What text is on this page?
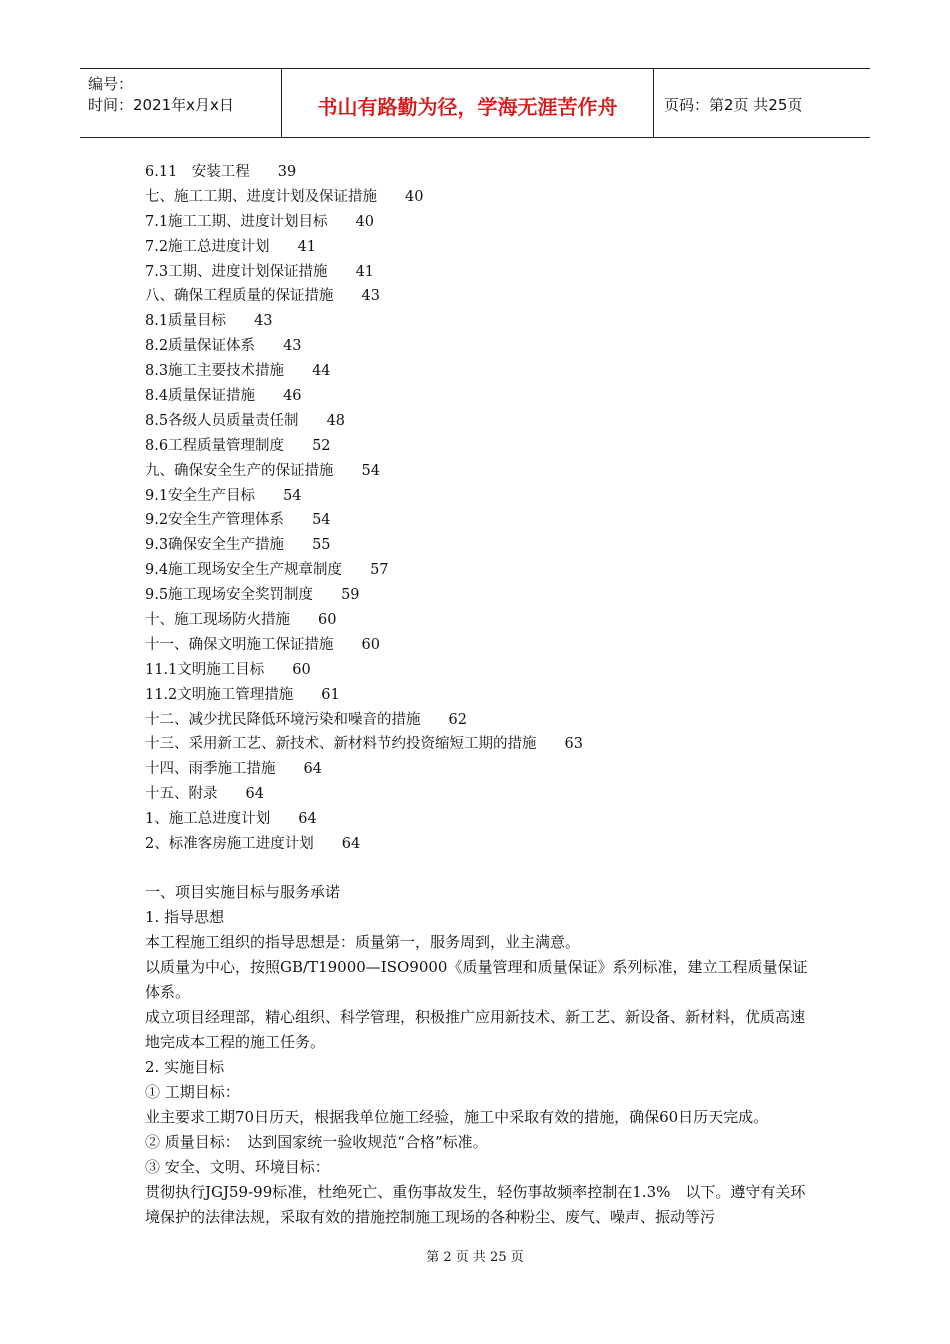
编号：
时间：2021年x月x日	书山有路勤为径，学海无涯苦作舟	页码：第2页 共25页
6.11　安装工程 39
七、施工工期、进度计划及保证措施 40
7.1施工工期、进度计划目标 40
7.2施工总进度计划 41
7.3工期、进度计划保证措施 41
八、确保工程质量的保证措施 43
8.1质量目标 43
8.2质量保证体系 43
8.3施工主要技术措施 44
8.4质量保证措施 46
8.5各级人员质量责任制 48
8.6工程质量管理制度 52
九、确保安全生产的保证措施 54
9.1安全生产目标 54
9.2安全生产管理体系 54
9.3确保安全生产措施 55
9.4施工现场安全生产规章制度 57
9.5施工现场安全奖罚制度 59
十、施工现场防火措施 60
十一、确保文明施工保证措施 60
11.1文明施工目标 60
11.2文明施工管理措施 61
十二、减少扰民降低环境污染和噪音的措施 62
十三、采用新工艺、新技术、新材料节约投资缩短工期的措施 63
十四、雨季施工措施 64
十五、附录 64
1、施工总进度计划 64
2、标准客房施工进度计划 64

一、项目实施目标与服务承诺

1. 指导思想

本工程施工组织的指导思想是：质量第一，服务周到，业主满意。

以质量为中心，按照GB/T19000—ISO9000《质量管理和质量保证》系列标准，建立工程质量保证体系。

成立项目经理部，精心组织、科学管理，积极推广应用新技术、新工艺、新设备、新材料，优质高速地完成本工程的施工任务。

2. 实施目标

① 工期目标：

业主要求工期70日历天，根据我单位施工经验，施工中采取有效的措施，确保60日历天完成。

② 质量目标：　达到国家统一验收规范“合格”标准。

③ 安全、文明、环境目标：

贯彻执行JGJ59-99标准，杜绝死亡、重伤事故发生，轻伤事故频率控制在1.3%　以下。遵守有关环境保护的法律法规，采取有效的措施控制施工现场的各种粉尘、废气、噪声、振动等污

第 2 页 共 25 页
